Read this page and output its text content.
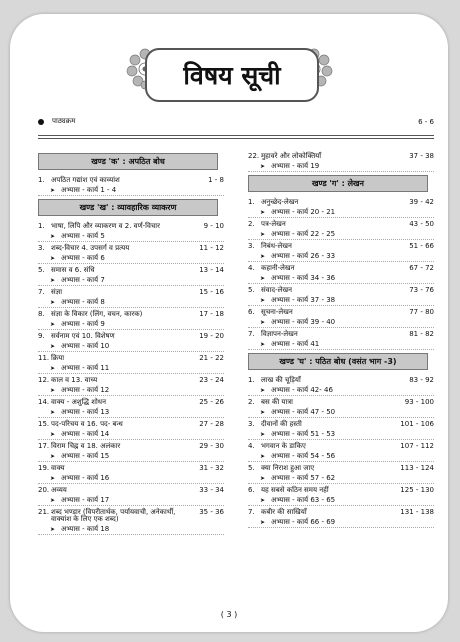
विषय सूची
पाठ्यक्रम	6 - 6
खण्ड 'क' : अपठित बोध
1. अपठित गद्यांश एवं काव्यांश	1 - 8
➤ अभ्यास - कार्य 1 - 4
खण्ड 'ख' : व्यावहारिक व्याकरण
1. भाषा, लिपि और व्याकरण व 2. वर्ण-विचार	9 - 10
➤ अभ्यास - कार्य 5
3. शब्द-विचार 4. उपसर्ग व प्रत्यय	11 - 12
➤ अभ्यास - कार्य 6
5. समास व 6. संधि	13 - 14
➤ अभ्यास - कार्य 7
7. संज्ञा	15 - 16
➤ अभ्यास - कार्य 8
8. संज्ञा के विकार (लिंग, वचन, कारक)	17 - 18
➤ अभ्यास - कार्य 9
9. सर्वनाम एवं 10. विशेषण	19 - 20
➤ अभ्यास - कार्य 10
11. क्रिया	21 - 22
➤ अभ्यास - कार्य 11
12. काल व 13. वाच्य	23 - 24
➤ अभ्यास - कार्य 12
14. वाक्य - अशुद्धि शोधन	25 - 26
➤ अभ्यास - कार्य 13
15. पद-परिचय व 16. पद- बन्ध	27 - 28
➤ अभ्यास - कार्य 14
17. विराम चिह्न व 18. अलंकार	29 - 30
➤ अभ्यास - कार्य 15
19. वाक्य	31 - 32
➤ अभ्यास - कार्य 16
20. अव्यय	33 - 34
➤ अभ्यास - कार्य 17
21. शब्द भण्डार (विपरीतार्थक, पर्यायवाची, अनेकार्थी, वाक्यांश के लिए एक शब्द)
35 - 36
➤ अभ्यास - कार्य 18
22. मुहावरे और लोकोक्तियाँ	37 - 38
➤ अभ्यास - कार्य 19
खण्ड 'ग' : लेखन
1. अनुच्छेद-लेखन	39 - 42
➤ अभ्यास - कार्य 20 - 21
2. पत्र-लेखन	43 - 50
➤ अभ्यास - कार्य 22 - 25
3. निबंध-लेखन	51 - 66
➤ अभ्यास - कार्य 26 - 33
4. कहानी-लेखन	67 - 72
➤ अभ्यास - कार्य 34 - 36
5. संवाद-लेखन	73 - 76
➤ अभ्यास - कार्य 37 - 38
6. सूचना-लेखन	77 - 80
➤ अभ्यास - कार्य 39 - 40
7. विज्ञापन-लेखन	81 - 82
➤ अभ्यास - कार्य 41
खण्ड 'घ' : पठित बोध (वसंत भाग -3)
1. लाख की चूड़ियाँ	83 - 92
➤ अभ्यास - कार्य 42- 46
2. बस की यात्रा	93 - 100
➤ अभ्यास - कार्य 47 - 50
3. दीवानों की हस्ती	101 - 106
➤ अभ्यास - कार्य 51 - 53
4. भगवान के डाकिए	107 - 112
➤ अभ्यास - कार्य 54 - 56
5. क्या निराश हुआ जाए	113 - 124
➤ अभ्यास - कार्य 57 - 62
6. यह सबसे कठिन समय नहीं	125 - 130
➤ अभ्यास - कार्य 63 - 65
7. कबीर की साखियाँ	131 - 138
➤ अभ्यास - कार्य 66 - 69
( 3 )
